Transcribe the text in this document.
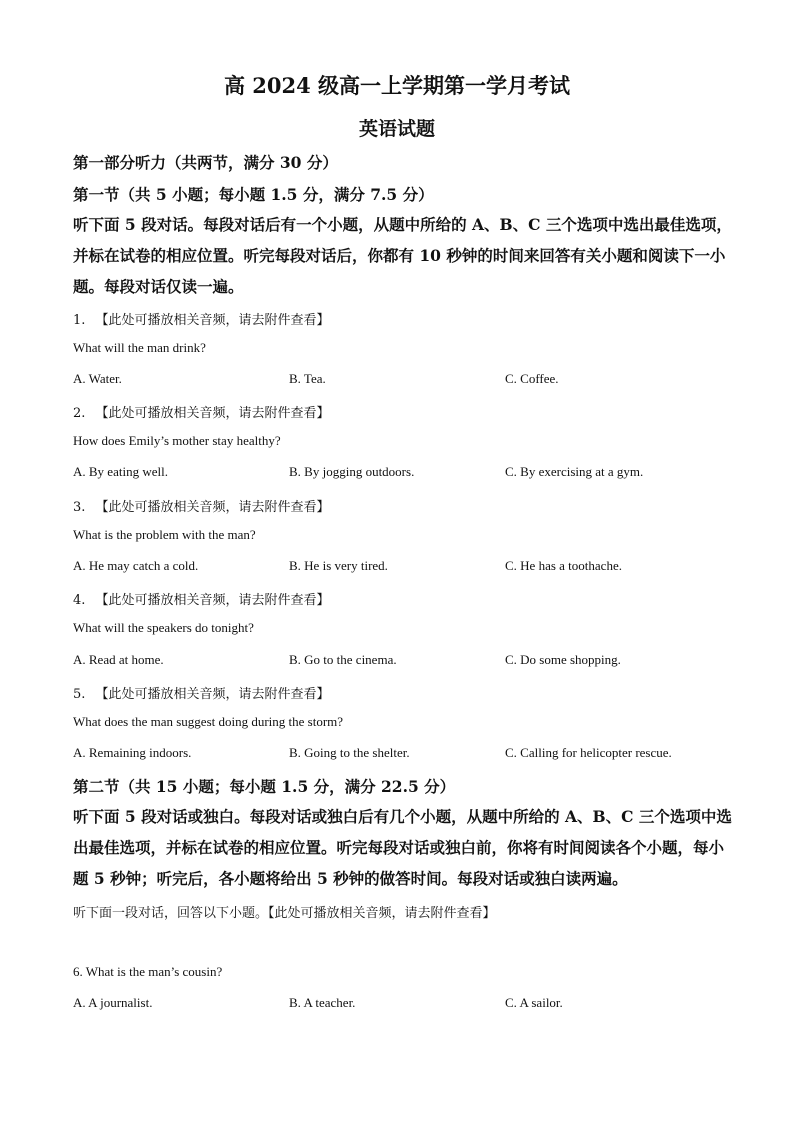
高 2024 级高一上学期第一学月考试
英语试题
第一部分听力（共两节，满分 30 分）
第一节（共 5 小题；每小题 1.5 分，满分 7.5 分）
听下面 5 段对话。每段对话后有一个小题，从题中所给的 A、B、C 三个选项中选出最佳选项，并标在试卷的相应位置。听完每段对话后，你都有 10 秒钟的时间来回答有关小题和阅读下一小题。每段对话仅读一遍。
1. 【此处可播放相关音频，请去附件查看】
What will the man drink?
A. Water.	B. Tea.	C. Coffee.
2. 【此处可播放相关音频，请去附件查看】
How does Emily’s mother stay healthy?
A. By eating well.	B. By jogging outdoors.	C. By exercising at a gym.
3. 【此处可播放相关音频，请去附件查看】
What is the problem with the man?
A. He may catch a cold.	B. He is very tired.	C. He has a toothache.
4. 【此处可播放相关音频，请去附件查看】
What will the speakers do tonight?
A. Read at home.	B. Go to the cinema.	C. Do some shopping.
5. 【此处可播放相关音频，请去附件查看】
What does the man suggest doing during the storm?
A. Remaining indoors.	B. Going to the shelter.	C. Calling for helicopter rescue.
第二节（共 15 小题；每小题 1.5 分，满分 22.5 分）
听下面 5 段对话或独白。每段对话或独白后有几个小题，从题中所给的 A、B、C 三个选项中选出最佳选项，并标在试卷的相应位置。听完每段对话或独白前，你将有时间阅读各个小题，每小题 5 秒钟；听完后，各小题将给出 5 秒钟的做答时间。每段对话或独白读两遍。
听下面一段对话，回答以下小题。【此处可播放相关音频，请去附件查看】
6. What is the man’s cousin?
A. A journalist.	B. A teacher.	C. A sailor.
